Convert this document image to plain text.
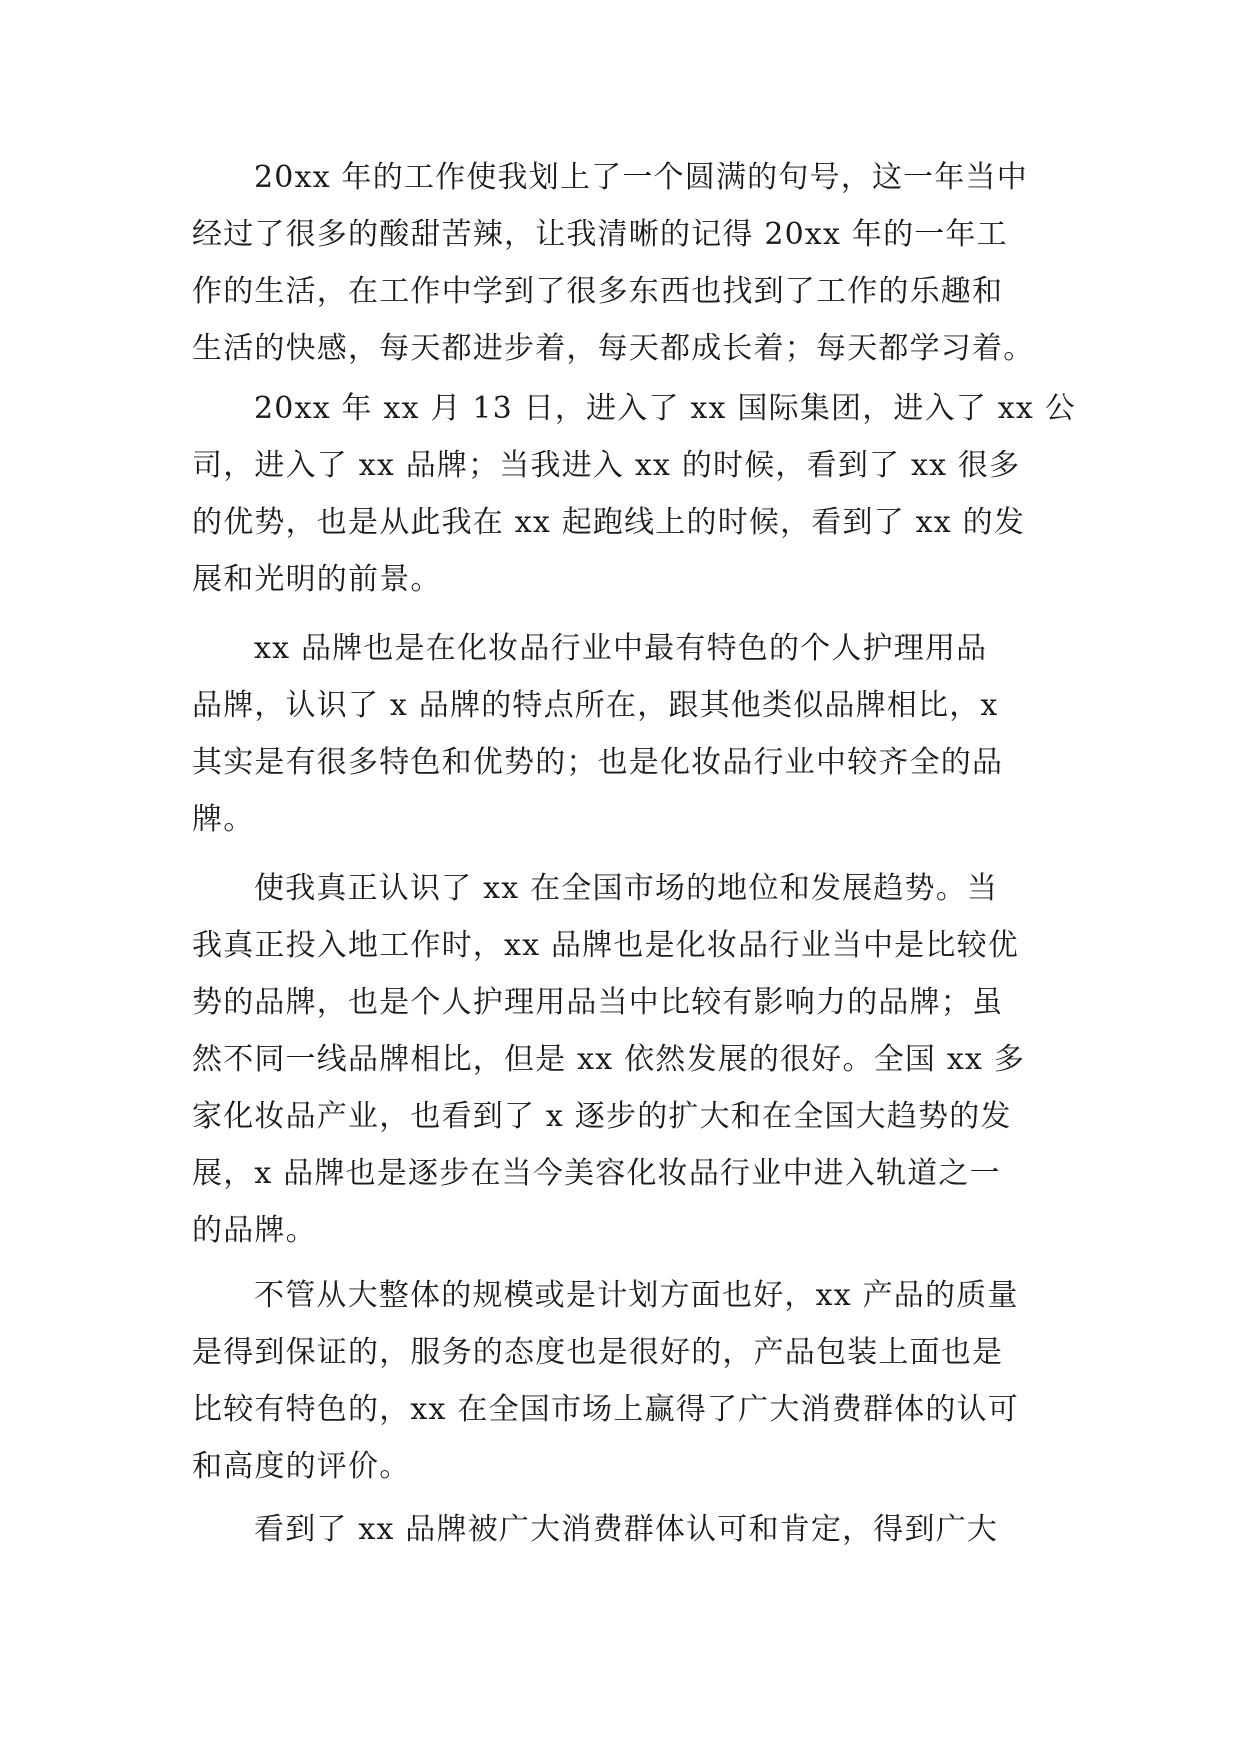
20xx 年的工作使我划上了一个圆满的句号，这一年当中
经过了很多的酸甜苦辣，让我清晰的记得 20xx 年的一年工
作的生活，在工作中学到了很多东西也找到了工作的乐趣和
生活的快感，每天都进步着，每天都成长着；每天都学习着。
20xx 年 xx 月 13 日，进入了 xx 国际集团，进入了 xx 公
司，进入了 xx 品牌；当我进入 xx 的时候，看到了 xx 很多
的优势，也是从此我在 xx 起跑线上的时候，看到了 xx 的发
展和光明的前景。
xx 品牌也是在化妆品行业中最有特色的个人护理用品
品牌，认识了 x 品牌的特点所在，跟其他类似品牌相比，x
其实是有很多特色和优势的；也是化妆品行业中较齐全的品
牌。
使我真正认识了 xx 在全国市场的地位和发展趋势。当
我真正投入地工作时，xx 品牌也是化妆品行业当中是比较优
势的品牌，也是个人护理用品当中比较有影响力的品牌；虽
然不同一线品牌相比，但是 xx 依然发展的很好。全国 xx 多
家化妆品产业，也看到了 x 逐步的扩大和在全国大趋势的发
展，x 品牌也是逐步在当今美容化妆品行业中进入轨道之一
的品牌。
不管从大整体的规模或是计划方面也好，xx 产品的质量
是得到保证的，服务的态度也是很好的，产品包装上面也是
比较有特色的，xx 在全国市场上赢得了广大消费群体的认可
和高度的评价。
看到了 xx 品牌被广大消费群体认可和肯定，得到广大
